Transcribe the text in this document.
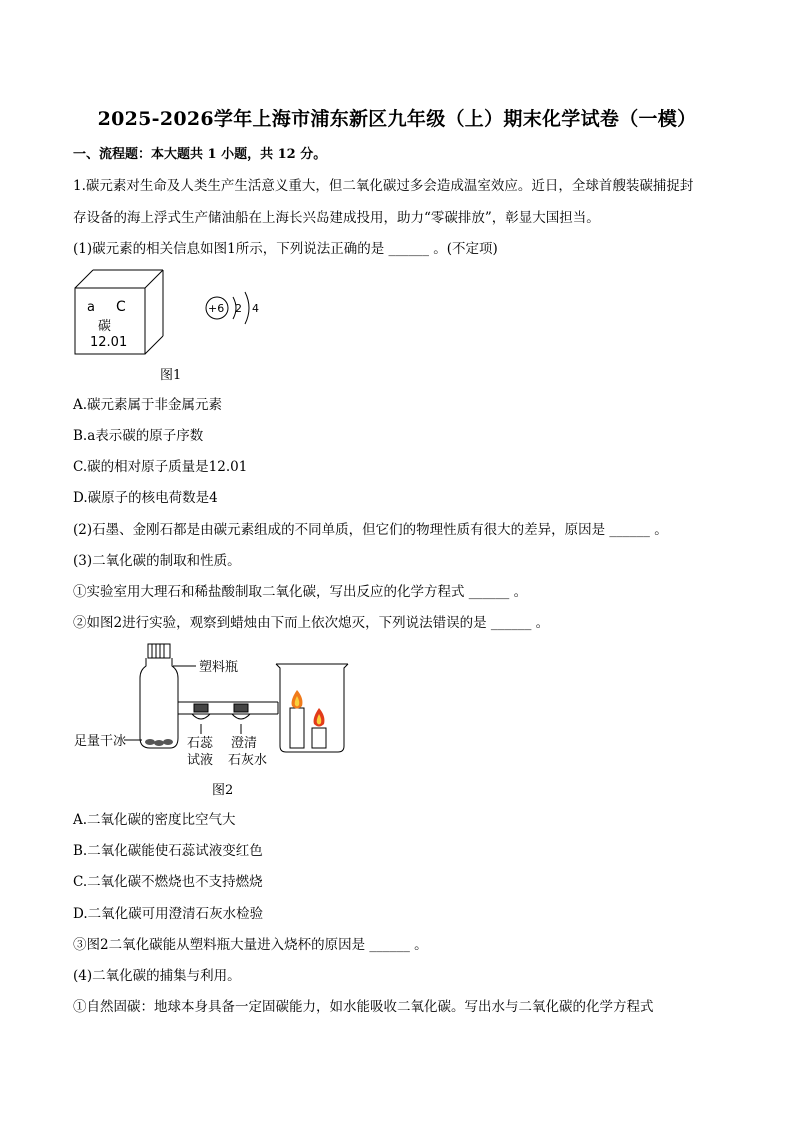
2025-2026学年上海市浦东新区九年级（上）期末化学试卷（一模）
一、流程题：本大题共 1 小题，共 12 分。
1.碳元素对生命及人类生产生活意义重大，但二氧化碳过多会造成温室效应。近日，全球首艘装碳捕捉封
存设备的海上浮式生产储油船在上海长兴岛建成投用，助力“零碳排放”，彰显大国担当。
(1)碳元素的相关信息如图1所示，下列说法正确的是 ______ 。(不定项)
a C
碳
12.01
+6 2 4
图1
A.碳元素属于非金属元素
B.a表示碳的原子序数
C.碳的相对原子质量是12.01
D.碳原子的核电荷数是4
(2)石墨、金刚石都是由碳元素组成的不同单质，但它们的物理性质有很大的差异，原因是 ______ 。
(3)二氧化碳的制取和性质。
①实验室用大理石和稀盐酸制取二氧化碳，写出反应的化学方程式 ______ 。
②如图2进行实验，观察到蜡烛由下而上依次熄灭，下列说法错误的是 ______ 。
塑料瓶
足量干冰	石蕊
试液
澄清
石灰水
图2
A.二氧化碳的密度比空气大
B.二氧化碳能使石蕊试液变红色
C.二氧化碳不燃烧也不支持燃烧
D.二氧化碳可用澄清石灰水检验
③图2二氧化碳能从塑料瓶大量进入烧杯的原因是 ______ 。
(4)二氧化碳的捕集与利用。
①自然固碳：地球本身具备一定固碳能力，如水能吸收二氧化碳。写出水与二氧化碳的化学方程式
